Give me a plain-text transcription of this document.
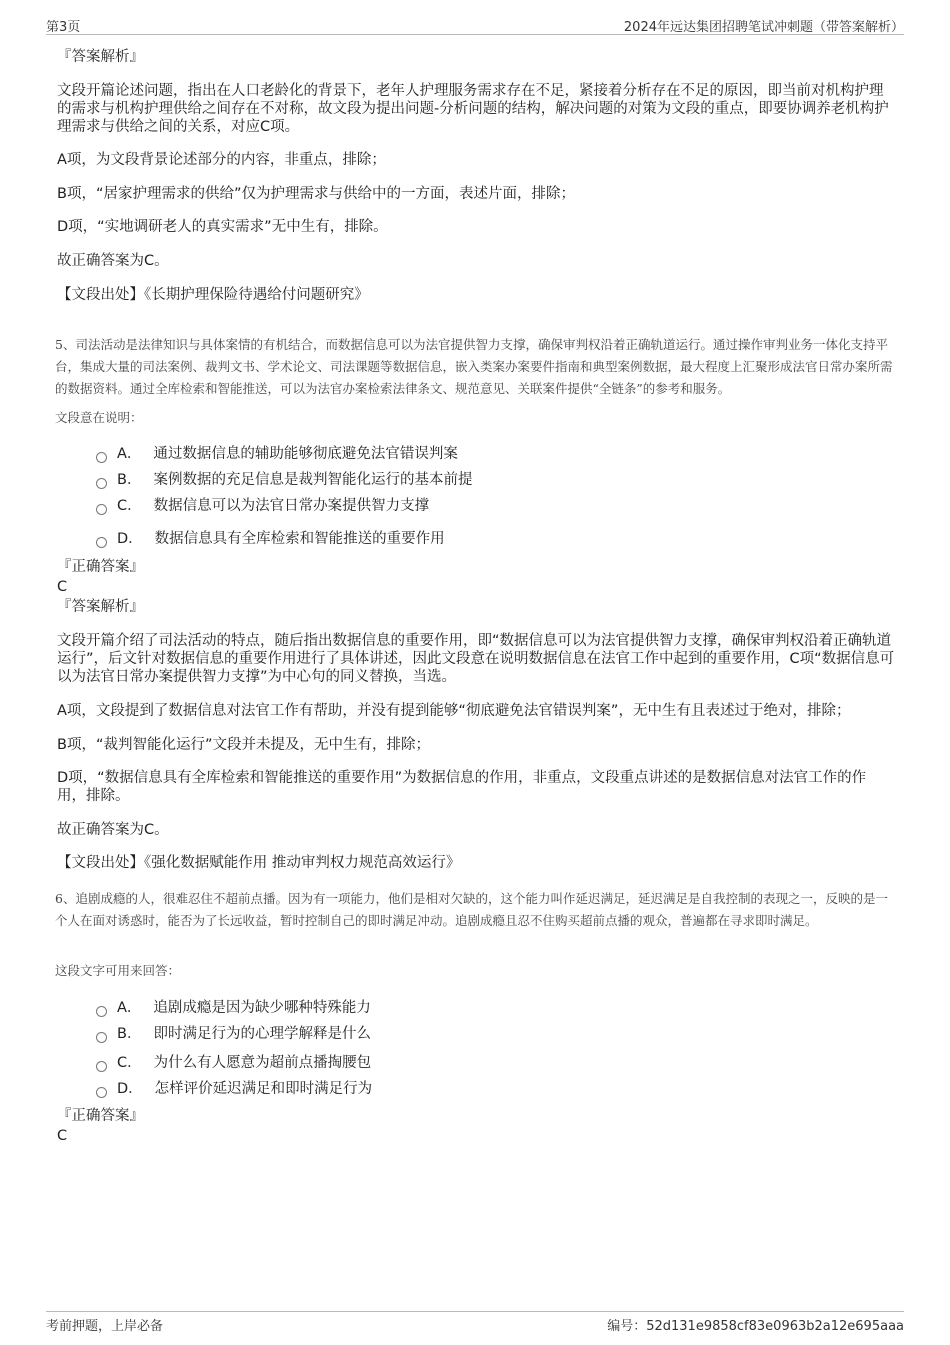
第3页	2024年远达集团招聘笔试冲刺题（带答案解析）
『答案解析』
文段开篇论述问题，指出在人口老龄化的背景下，老年人护理服务需求存在不足，紧接着分析存在不足的原因，即当前对机构护理的需求与机构护理供给之间存在不对称，故文段为提出问题-分析问题的结构，解决问题的对策为文段的重点，即要协调养老机构护理需求与供给之间的关系，对应C项。
A项，为文段背景论述部分的内容，非重点，排除；
B项，“居家护理需求的供给”仅为护理需求与供给中的一方面，表述片面，排除；
D项，“实地调研老人的真实需求”无中生有，排除。
故正确答案为C。
【文段出处】《长期护理保险待遇给付问题研究》
5、司法活动是法律知识与具体案情的有机结合，而数据信息可以为法官提供智力支撑，确保审判权沿着正确轨道运行。通过操作审判业务一体化支持平台，集成大量的司法案例、裁判文书、学术论文、司法课题等数据信息，嵌入类案办案要件指南和典型案例数据，最大程度上汇聚形成法官日常办案所需的数据资料。通过全库检索和智能推送，可以为法官办案检索法律条文、规范意见、关联案件提供“全链条”的参考和服务。
文段意在说明：
A． 通过数据信息的辅助能够彻底避免法官错误判案
B． 案例数据的充足信息是裁判智能化运行的基本前提
C． 数据信息可以为法官日常办案提供智力支撑
D． 数据信息具有全库检索和智能推送的重要作用
『正确答案』
C
『答案解析』
文段开篇介绍了司法活动的特点，随后指出数据信息的重要作用，即“数据信息可以为法官提供智力支撑，确保审判权沿着正确轨道运行”，后文针对数据信息的重要作用进行了具体讲述，因此文段意在说明数据信息在法官工作中起到的重要作用，C项“数据信息可以为法官日常办案提供智力支撑”为中心句的同义替换，当选。
A项，文段提到了数据信息对法官工作有帮助，并没有提到能够“彻底避免法官错误判案”，无中生有且表述过于绝对，排除；
B项，“裁判智能化运行”文段并未提及，无中生有，排除；
D项，“数据信息具有全库检索和智能推送的重要作用”为数据信息的作用，非重点，文段重点讲述的是数据信息对法官工作的作用，排除。
故正确答案为C。
【文段出处】《强化数据赋能作用 推动审判权力规范高效运行》
6、追剧成瘾的人，很难忍住不超前点播。因为有一项能力，他们是相对欠缺的，这个能力叫作延迟满足，延迟满足是自我控制的表现之一，反映的是一个人在面对诱惑时，能否为了长远收益，暂时控制自己的即时满足冲动。追剧成瘾且忍不住购买超前点播的观众，普遍都在寻求即时满足。
这段文字可用来回答：
A． 追剧成瘾是因为缺少哪种特殊能力
B． 即时满足行为的心理学解释是什么
C． 为什么有人愿意为超前点播掏腰包
D． 怎样评价延迟满足和即时满足行为
『正确答案』
C
考前押题，上岸必备	编号：52d131e9858cf83e0963b2a12e695aaa
